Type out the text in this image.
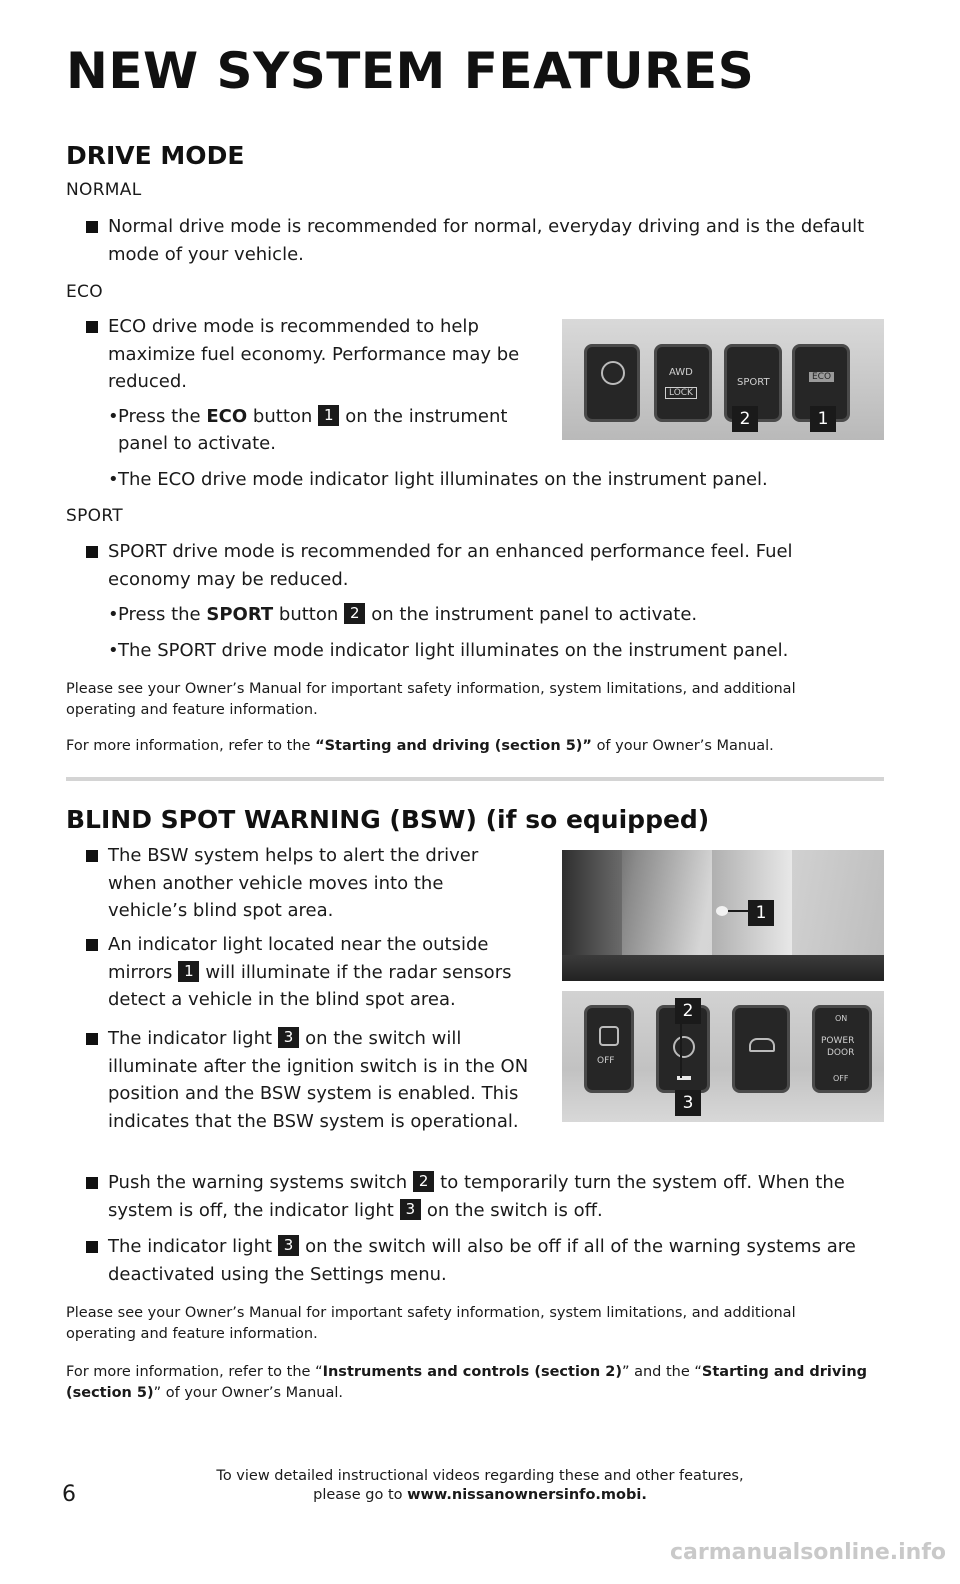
NEW SYSTEM FEATURES
DRIVE MODE
NORMAL
Normal drive mode is recommended for normal, everyday driving and is the default mode of your vehicle.
ECO
ECO drive mode is recommended to help maximize fuel economy. Performance may be reduced.
• Press the ECO button 1 on the instrument panel to activate.
• The ECO drive mode indicator light illuminates on the instrument panel.
SPORT
SPORT drive mode is recommended for an enhanced performance feel. Fuel economy may be reduced.
• Press the SPORT button 2 on the instrument panel to activate.
• The SPORT drive mode indicator light illuminates on the instrument panel.
Please see your Owner’s Manual for important safety information, system limitations, and additional operating and feature information.
For more information, refer to the “Starting and driving (section 5)” of your Owner’s Manual.
AWD
LOCK
SPORT	ECO
2	1
BLIND SPOT WARNING (BSW) (if so equipped)
The BSW system helps to alert the driver when another vehicle moves into the vehicle’s blind spot area.
An indicator light located near the outside mirrors 1 will illuminate if the radar sensors detect a vehicle in the blind spot area.
The indicator light 3 on the switch will illuminate after the ignition switch is in the ON position and the BSW system is enabled. This indicates that the BSW system is operational.
Push the warning systems switch 2 to temporarily turn the system off. When the system is off, the indicator light 3 on the switch is off.
The indicator light 3 on the switch will also be off if all of the warning systems are deactivated using the Settings menu.
Please see your Owner’s Manual for important safety information, system limitations, and additional operating and feature information.
For more information, refer to the “Instruments and controls (section 2)” and the “Starting and driving (section 5)” of your Owner’s Manual.
1
OFF
ON
POWER
DOOR
OFF
2
3
To view detailed instructional videos regarding these and other features,
please go to www.nissanownersinfo.mobi.
6
carmanualsonline.info
